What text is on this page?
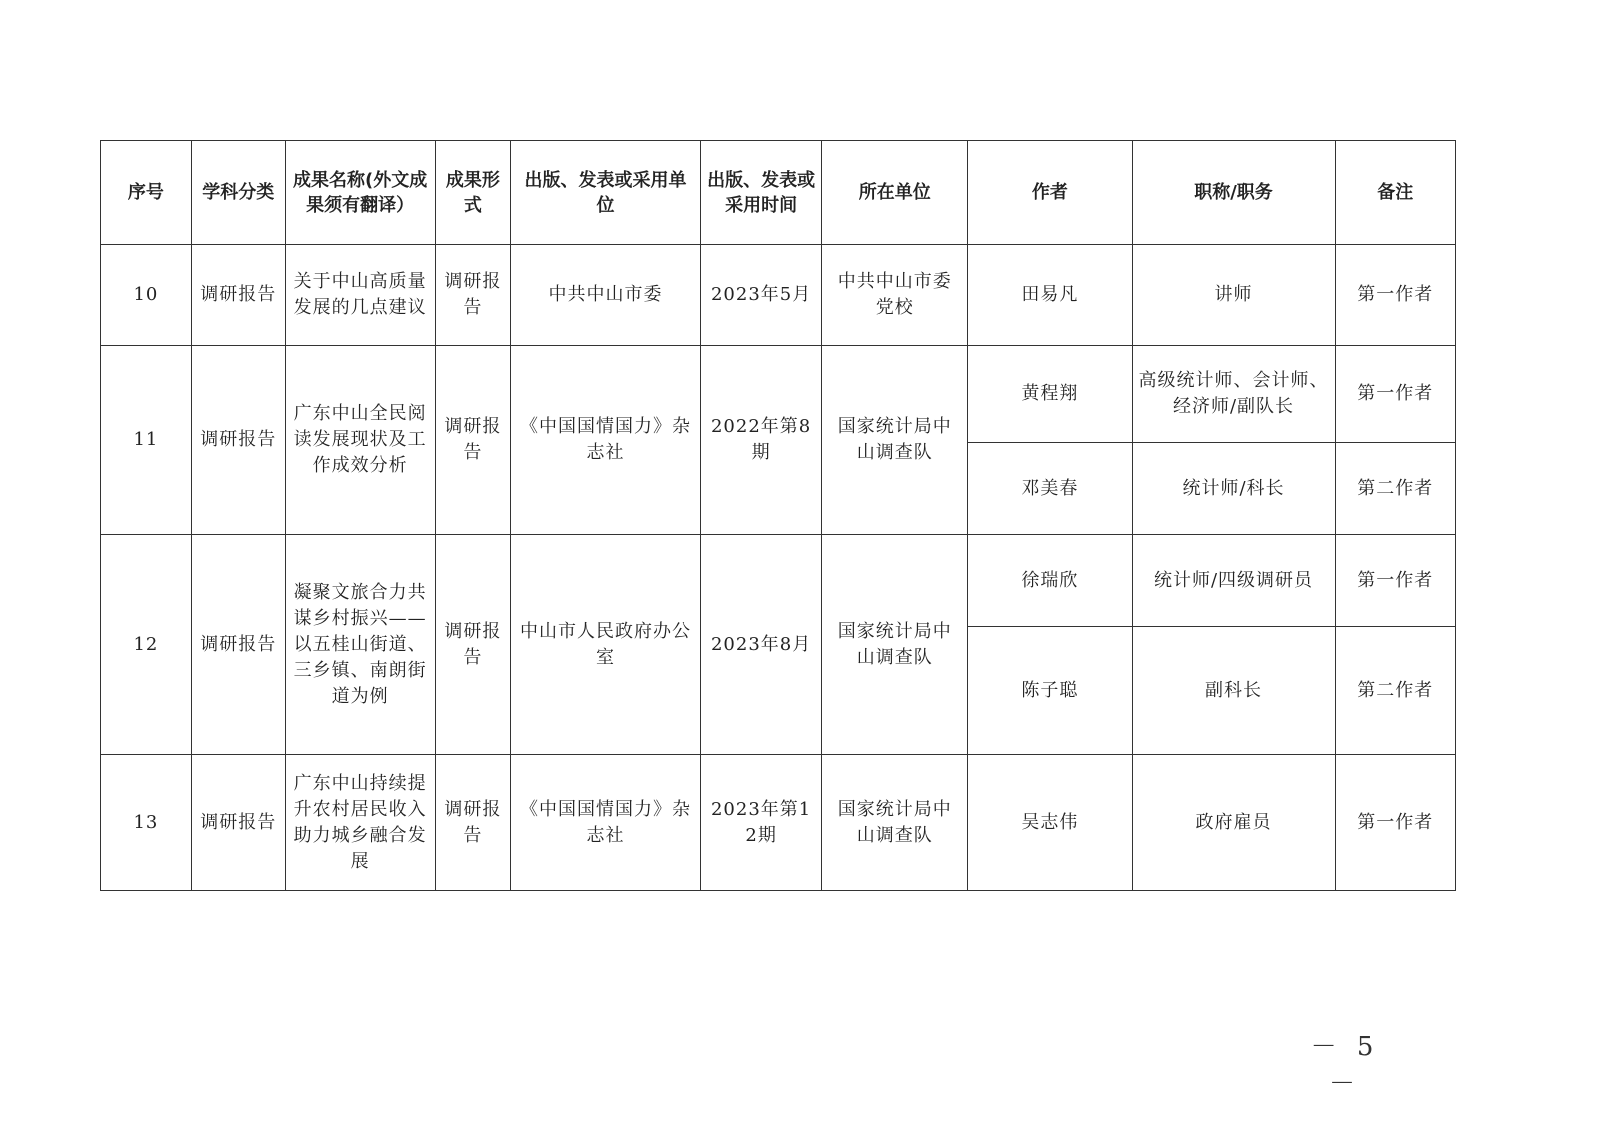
序号	学科分类	成果名称(外文成果须有翻译）	成果形式	出版、发表或采用单位	出版、发表或采用时间	所在单位	作者	职称/职务	备注
10	调研报告	关于中山高质量发展的几点建议	调研报告	中共中山市委	2023年5月	中共中山市委党校	田易凡	讲师	第一作者
11	调研报告	广东中山全民阅读发展现状及工作成效分析	调研报告	《中国国情国力》杂志社	2022年第8期	国家统计局中山调查队	黄程翔	高级统计师、会计师、经济师/副队长	第一作者
							邓美春	统计师/科长	第二作者
12	调研报告	凝聚文旅合力共谋乡村振兴——以五桂山街道、三乡镇、南朗街道为例	调研报告	中山市人民政府办公室	2023年8月	国家统计局中山调查队	徐瑞欣	统计师/四级调研员	第一作者
							陈子聪	副科长	第二作者
13	调研报告	广东中山持续提升农村居民收入助力城乡融合发展	调研报告	《中国国情国力》杂志社	2023年第12期	国家统计局中山调查队	吴志伟	政府雇员	第一作者
－ 5 －
